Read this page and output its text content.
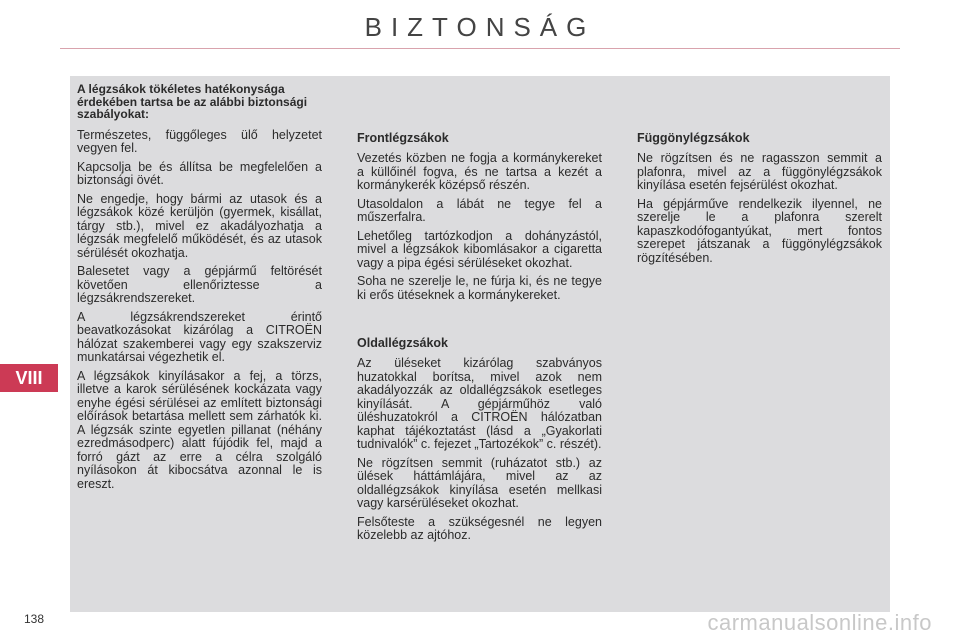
BIZTONSÁG
VIII
A légzsákok tökéletes hatékonysága érdekében tartsa be az alábbi biztonsági szabályokat:

Természetes, függőleges ülő helyzetet vegyen fel.

Kapcsolja be és állítsa be megfelelően a biztonsági övét.

Ne engedje, hogy bármi az utasok és a légzsákok közé kerüljön (gyermek, kisállat, tárgy stb.), mivel ez akadályozhatja a légzsák megfelelő működését, és az utasok sérülését okozhatja.

Balesetet vagy a gépjármű feltörését követően ellenőriztesse a légzsákrendszereket.

A légzsákrendszereket érintő beavatkozásokat kizárólag a CITROËN hálózat szakemberei vagy egy szakszerviz munkatársai végezhetik el.

A légzsákok kinyílásakor a fej, a törzs, illetve a karok sérülésének kockázata vagy enyhe égési sérülései az említett biztonsági előírások betartása mellett sem zárhatók ki. A légzsák szinte egyetlen pillanat (néhány ezredmásodperc) alatt fújódik fel, majd a forró gázt az erre a célra szolgáló nyílásokon át kibocsátva azonnal le is ereszt.

Frontlégzsákok

Vezetés közben ne fogja a kormánykereket a küllőinél fogva, és ne tartsa a kezét a kormánykerék középső részén.

Utasoldalon a lábát ne tegye fel a műszerfalra.

Lehetőleg tartózkodjon a dohányzástól, mivel a légzsákok kibomlásakor a cigaretta vagy a pipa égési sérüléseket okozhat.

Soha ne szerelje le, ne fúrja ki, és ne tegye ki erős ütéseknek a kormánykereket.

Oldallégzsákok

Az üléseket kizárólag szabványos huzatokkal borítsa, mivel azok nem akadályozzák az oldallégzsákok esetleges kinyílását. A gépjárműhöz való üléshuzatokról a CITROËN hálózatban kaphat tájékoztatást (lásd a „Gyakorlati tudnivalók” c. fejezet „Tartozékok” c. részét).

Ne rögzítsen semmit (ruházatot stb.) az ülések háttámlájára, mivel az az oldallégzsákok kinyílása esetén mellkasi vagy karsérüléseket okozhat.

Felsőteste a szükségesnél ne legyen közelebb az ajtóhoz.

Függönylégzsákok

Ne rögzítsen és ne ragasszon semmit a plafonra, mivel az a függönylégzsákok kinyílása esetén fejsérülést okozhat.

Ha gépjárműve rendelkezik ilyennel, ne szerelje le a plafonra szerelt kapaszkodófogantyúkat, mert fontos szerepet játszanak a függönylégzsákok rögzítésében.

138	carmanualsonline.info
